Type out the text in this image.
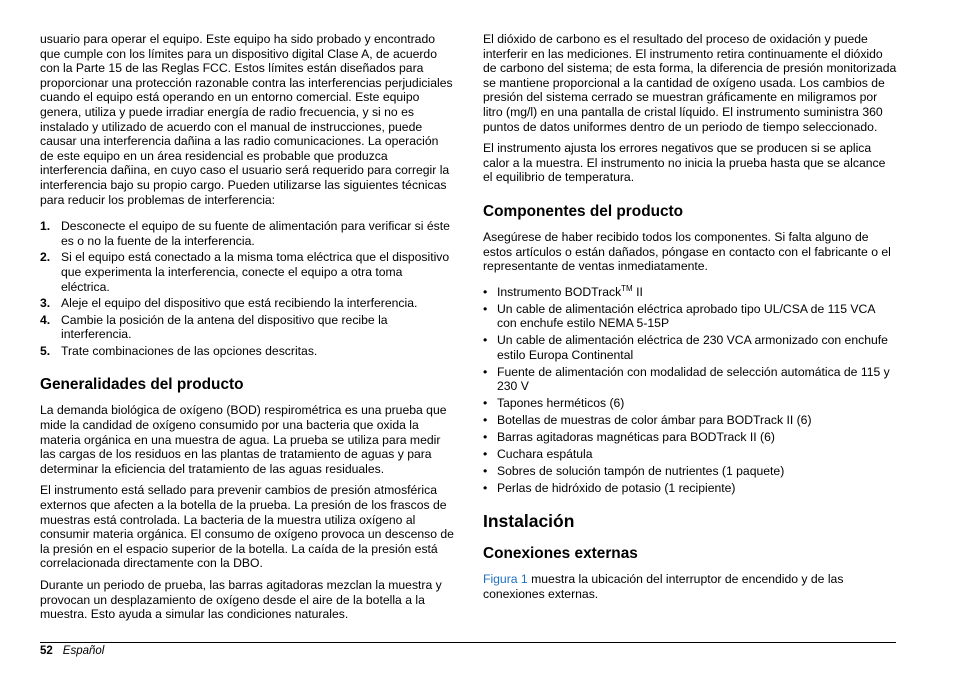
usuario para operar el equipo. Este equipo ha sido probado y encontrado que cumple con los límites para un dispositivo digital Clase A, de acuerdo con la Parte 15 de las Reglas FCC. Estos límites están diseñados para proporcionar una protección razonable contra las interferencias perjudiciales cuando el equipo está operando en un entorno comercial. Este equipo genera, utiliza y puede irradiar energía de radio frecuencia, y si no es instalado y utilizado de acuerdo con el manual de instrucciones, puede causar una interferencia dañina a las radio comunicaciones. La operación de este equipo en un área residencial es probable que produzca interferencia dañina, en cuyo caso el usuario será requerido para corregir la interferencia bajo su propio cargo. Pueden utilizarse las siguientes técnicas para reducir los problemas de interferencia:

1. Desconecte el equipo de su fuente de alimentación para verificar si éste es o no la fuente de la interferencia.
2. Si el equipo está conectado a la misma toma eléctrica que el dispositivo que experimenta la interferencia, conecte el equipo a otra toma eléctrica.
3. Aleje el equipo del dispositivo que está recibiendo la interferencia.
4. Cambie la posición de la antena del dispositivo que recibe la interferencia.
5. Trate combinaciones de las opciones descritas.
Generalidades del producto

La demanda biológica de oxígeno (BOD) respirométrica es una prueba que mide la candidad de oxígeno consumido por una bacteria que oxida la materia orgánica en una muestra de agua. La prueba se utiliza para medir las cargas de los residuos en las plantas de tratamiento de aguas y para determinar la eficiencia del tratamiento de las aguas residuales.

El instrumento está sellado para prevenir cambios de presión atmosférica externos que afecten a la botella de la prueba. La presión de los frascos de muestras está controlada. La bacteria de la muestra utiliza oxígeno al consumir materia orgánica. El consumo de oxígeno provoca un descenso de la presión en el espacio superior de la botella. La caída de la presión está correlacionada directamente con la DBO.

Durante un periodo de prueba, las barras agitadoras mezclan la muestra y provocan un desplazamiento de oxígeno desde el aire de la botella a la muestra. Esto ayuda a simular las condiciones naturales.

El dióxido de carbono es el resultado del proceso de oxidación y puede interferir en las mediciones. El instrumento retira continuamente el dióxido de carbono del sistema; de esta forma, la diferencia de presión monitorizada se mantiene proporcional a la cantidad de oxígeno usada. Los cambios de presión del sistema cerrado se muestran gráficamente en miligramos por litro (mg/l) en una pantalla de cristal líquido. El instrumento suministra 360 puntos de datos uniformes dentro de un periodo de tiempo seleccionado.

El instrumento ajusta los errores negativos que se producen si se aplica calor a la muestra. El instrumento no inicia la prueba hasta que se alcance el equilibrio de temperatura.

Componentes del producto

Asegúrese de haber recibido todos los componentes. Si falta alguno de estos artículos o están dañados, póngase en contacto con el fabricante o el representante de ventas inmediatamente.

• Instrumento BODTrack™ II
• Un cable de alimentación eléctrica aprobado tipo UL/CSA de 115 VCA con enchufe estilo NEMA 5-15P
• Un cable de alimentación eléctrica de 230 VCA armonizado con enchufe estilo Europa Continental
• Fuente de alimentación con modalidad de selección automática de 115 y 230 V
• Tapones herméticos (6)
• Botellas de muestras de color ámbar para BODTrack II (6)
• Barras agitadoras magnéticas para BODTrack II (6)
• Cuchara espátula
• Sobres de solución tampón de nutrientes (1 paquete)
• Perlas de hidróxido de potasio (1 recipiente)
Instalación
Conexiones externas

Figura 1 muestra la ubicación del interruptor de encendido y de las conexiones externas.

52 Español
